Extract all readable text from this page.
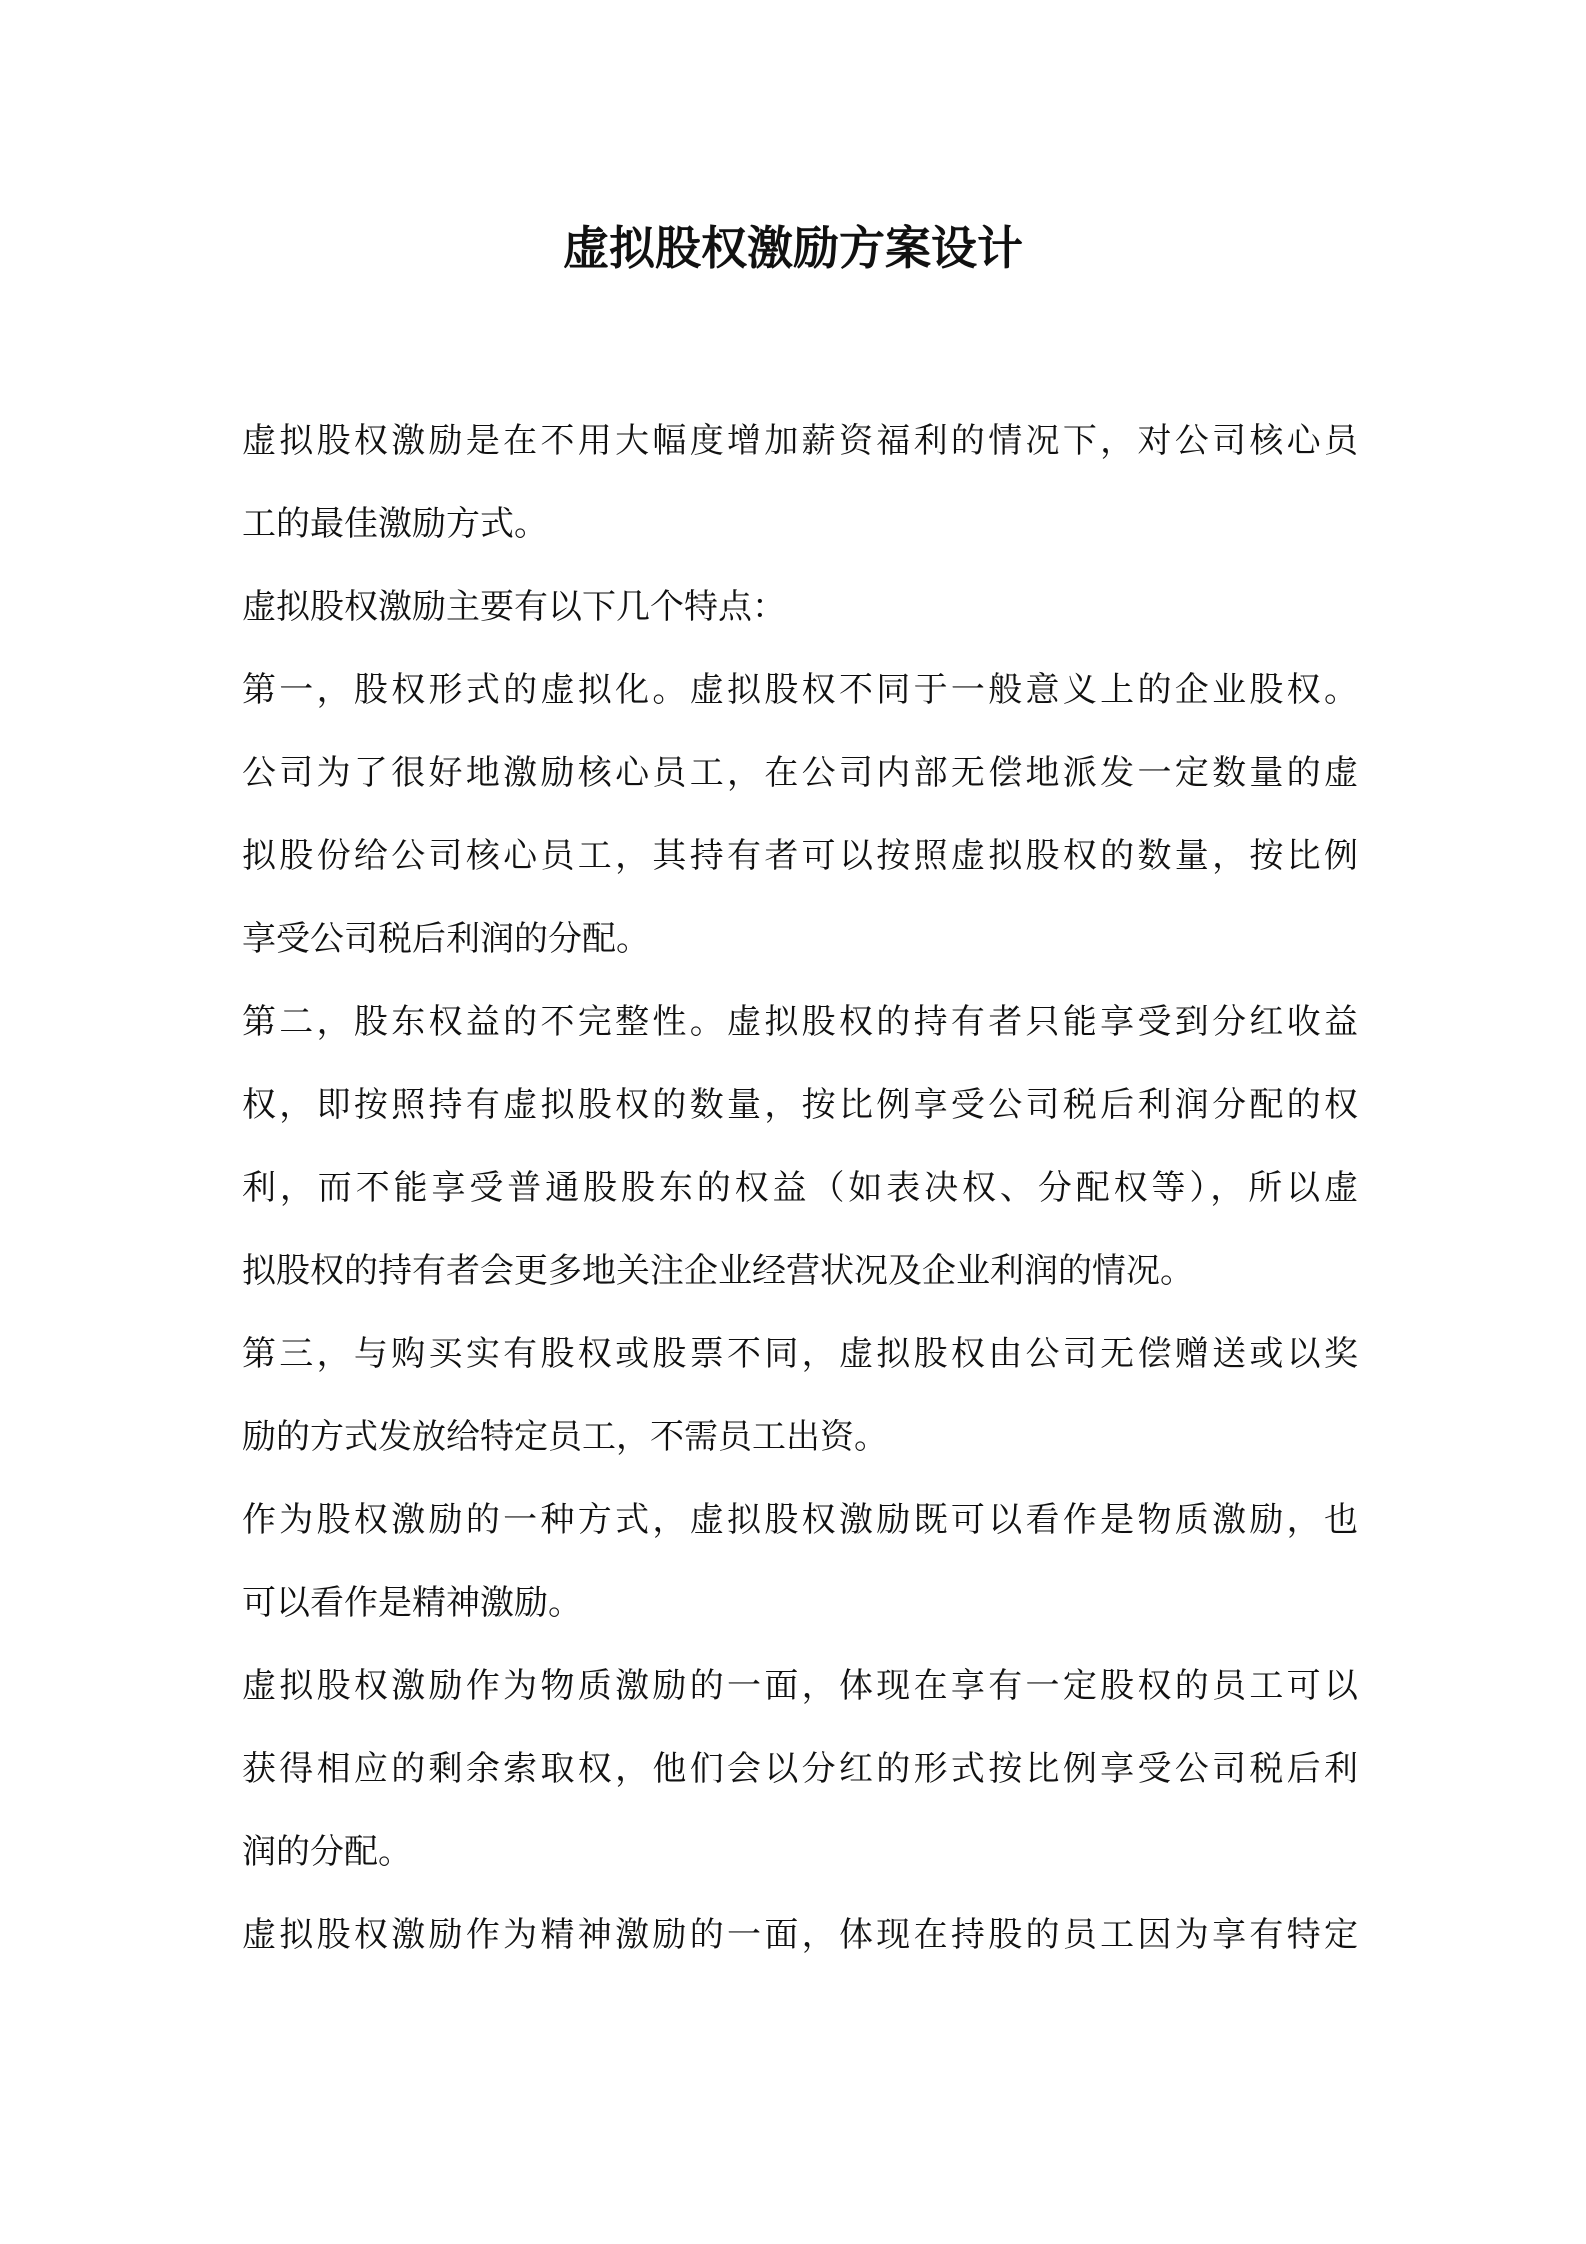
虚拟股权激励方案设计
虚拟股权激励是在不用大幅度增加薪资福利的情况下，对公司核心员
工的最佳激励方式。
虚拟股权激励主要有以下几个特点：
第一，股权形式的虚拟化。虚拟股权不同于一般意义上的企业股权。
公司为了很好地激励核心员工，在公司内部无偿地派发一定数量的虚
拟股份给公司核心员工，其持有者可以按照虚拟股权的数量，按比例
享受公司税后利润的分配。
第二，股东权益的不完整性。虚拟股权的持有者只能享受到分红收益
权，即按照持有虚拟股权的数量，按比例享受公司税后利润分配的权
利，而不能享受普通股股东的权益（如表决权、分配权等），所以虚
拟股权的持有者会更多地关注企业经营状况及企业利润的情况。
第三，与购买实有股权或股票不同，虚拟股权由公司无偿赠送或以奖
励的方式发放给特定员工，不需员工出资。
作为股权激励的一种方式，虚拟股权激励既可以看作是物质激励，也
可以看作是精神激励。
虚拟股权激励作为物质激励的一面，体现在享有一定股权的员工可以
获得相应的剩余索取权，他们会以分红的形式按比例享受公司税后利
润的分配。
虚拟股权激励作为精神激励的一面，体现在持股的员工因为享有特定
